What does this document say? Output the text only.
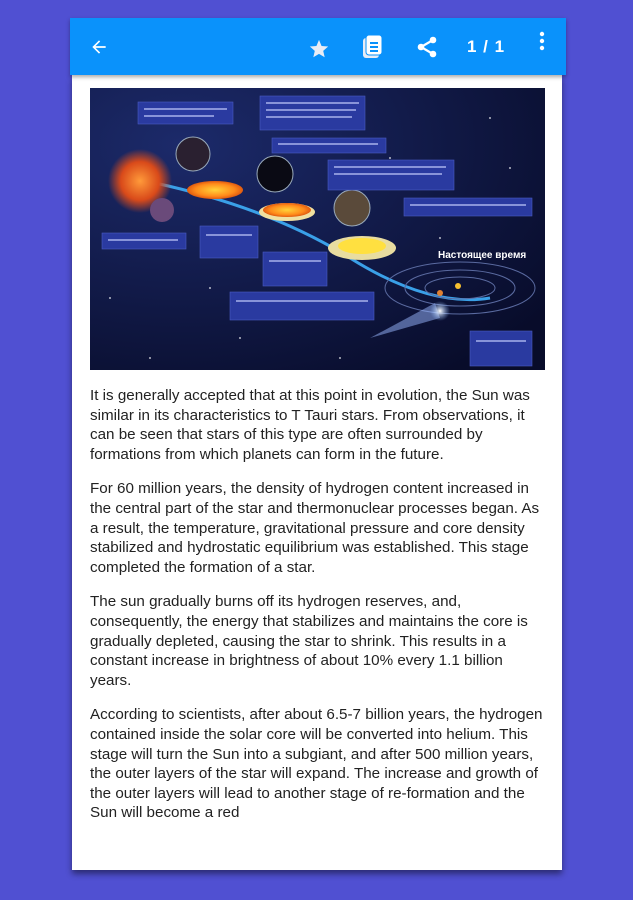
1 / 1
Настоящее время

It is generally accepted that at this point in evolution, the Sun was similar in its characteristics to T Tauri stars. From observations, it can be seen that stars of this type are often surrounded by formations from which planets can form in the future.

For 60 million years, the density of hydrogen content increased in the central part of the star and thermonuclear processes began. As a result, the temperature, gravitational pressure and core density stabilized and hydrostatic equilibrium was established. This stage completed the formation of a star.

The sun gradually burns off its hydrogen reserves, and, consequently, the energy that stabilizes and maintains the core is gradually depleted, causing the star to shrink. This results in a constant increase in brightness of about 10% every 1.1 billion years.

According to scientists, after about 6.5-7 billion years, the hydrogen contained inside the solar core will be converted into helium. This stage will turn the Sun into a subgiant, and after 500 million years, the outer layers of the star will expand. The increase and growth of the outer layers will lead to another stage of re-formation and the Sun will become a red
